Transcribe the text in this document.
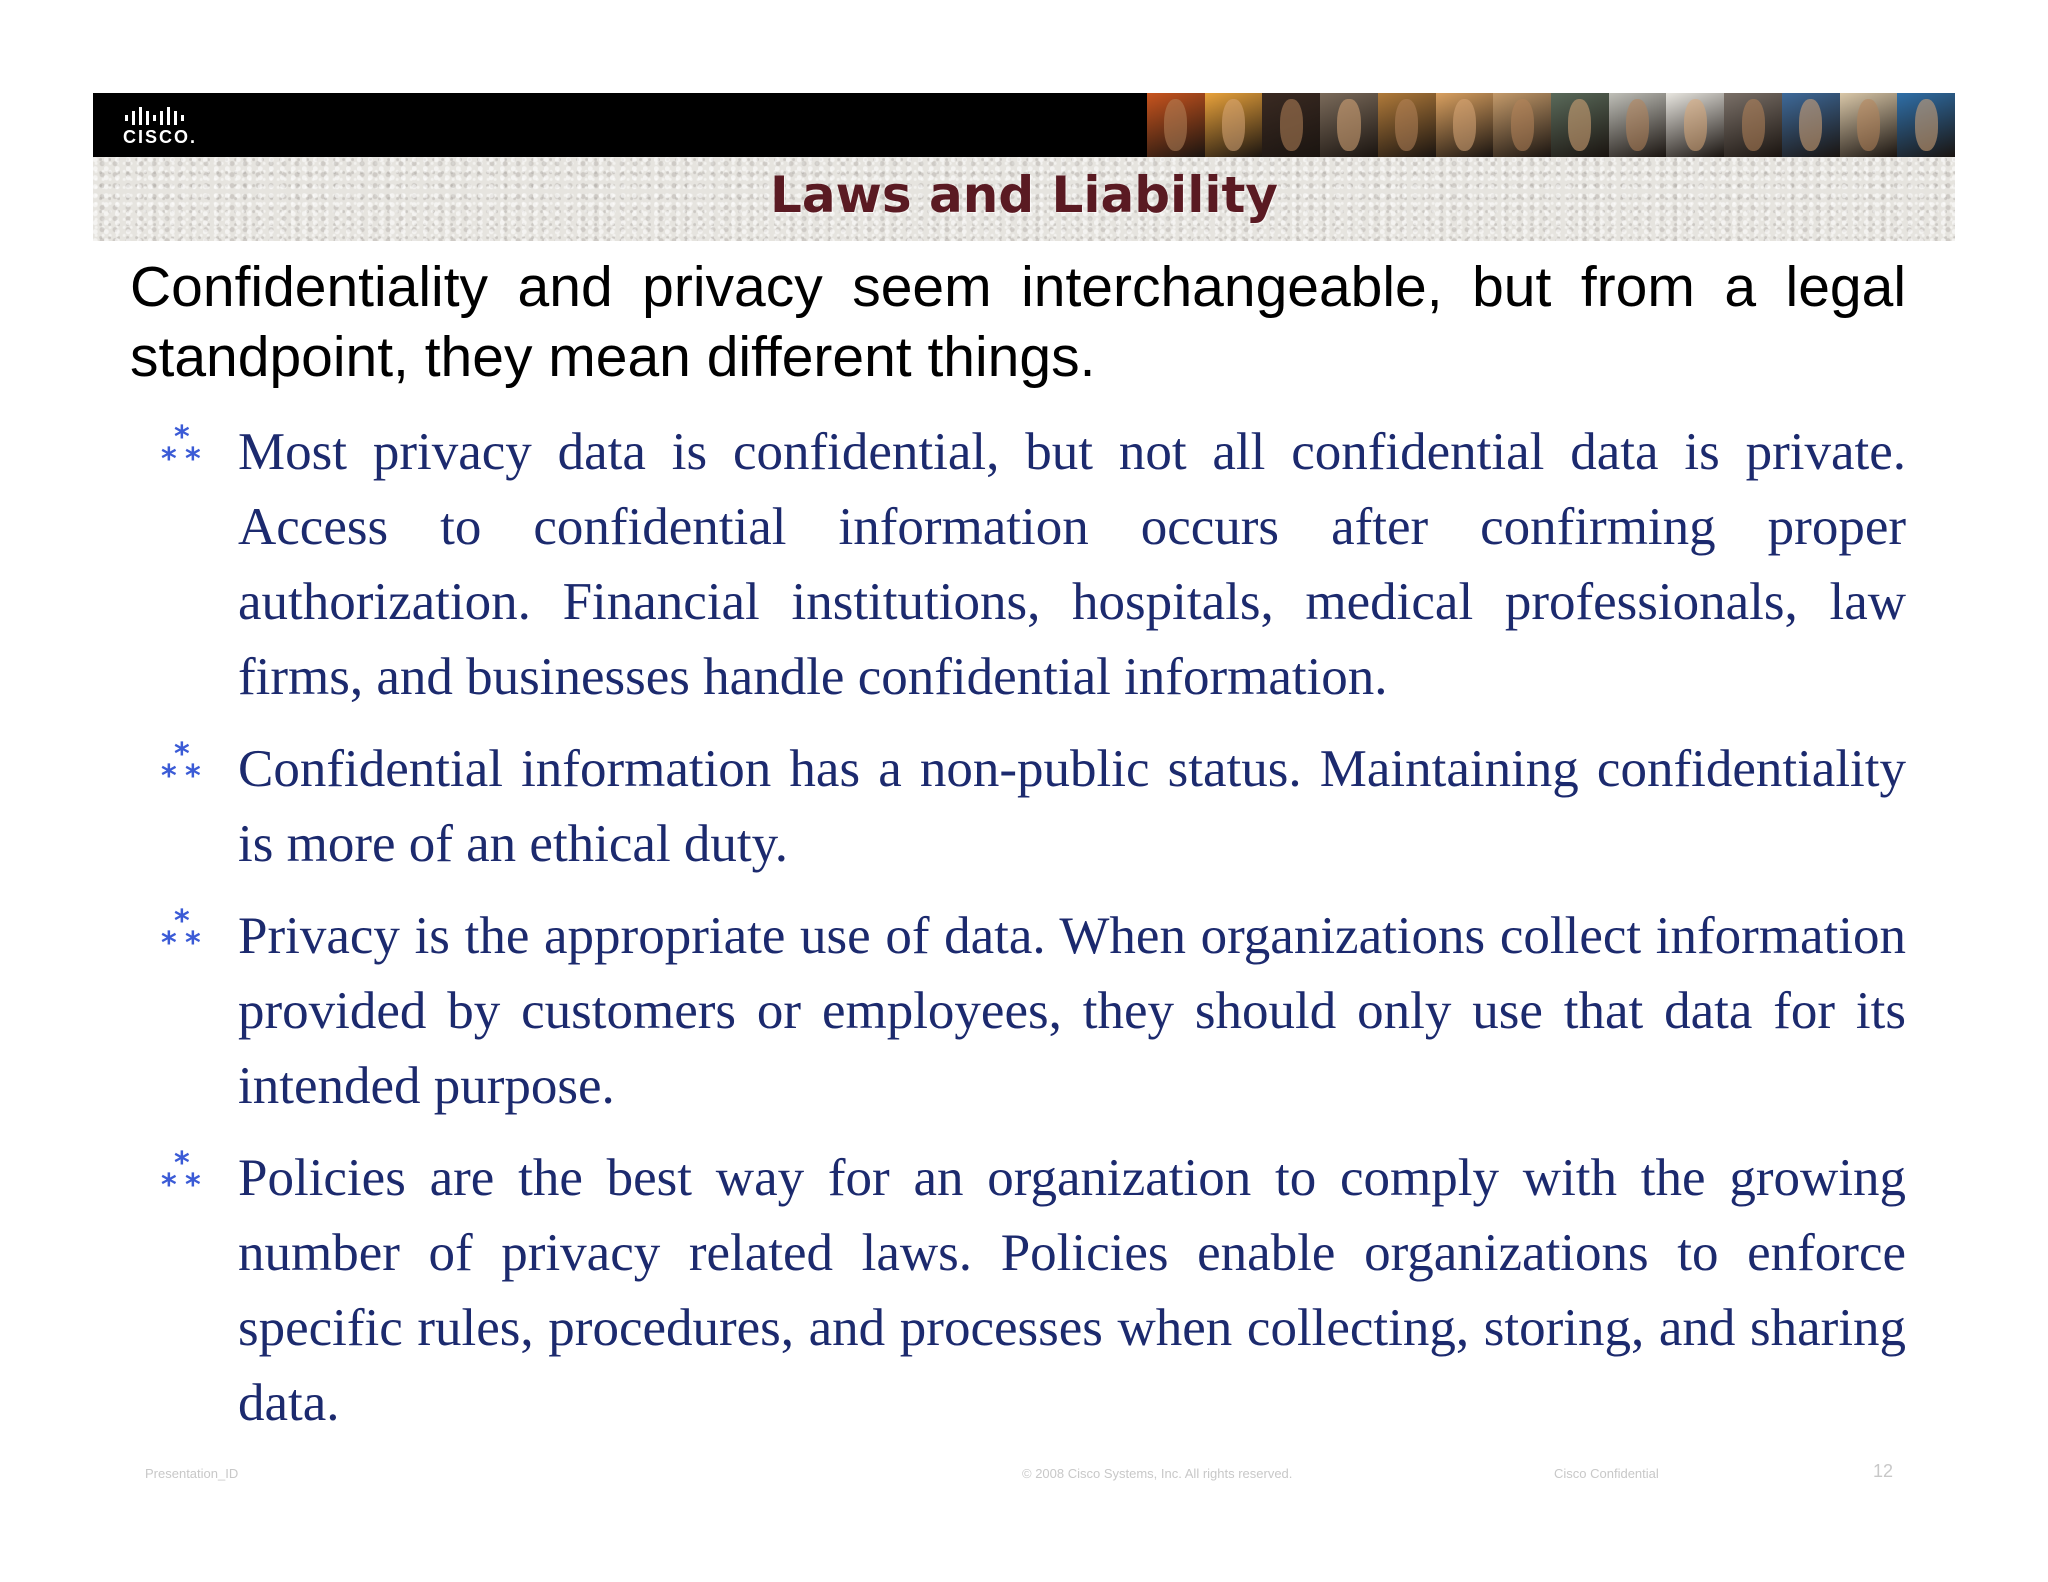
CISCO.
Laws and Liability

Confidentiality and privacy seem interchangeable, but from a legal standpoint, they mean different things.

Most privacy data is confidential, but not all confidential data is private. Access to confidential information occurs after confirming proper authorization. Financial institutions, hospitals, medical professionals, law firms, and businesses handle confidential information.
Confidential information has a non-public status. Maintaining confidentiality is more of an ethical duty.
Privacy is the appropriate use of data. When organizations collect information provided by customers or employees, they should only use that data for its intended purpose.
Policies are the best way for an organization to comply with the growing number of privacy related laws. Policies enable organizations to enforce specific rules, procedures, and processes when collecting, storing, and sharing data.
Presentation_ID	© 2008 Cisco Systems, Inc. All rights reserved.	Cisco Confidential	12
